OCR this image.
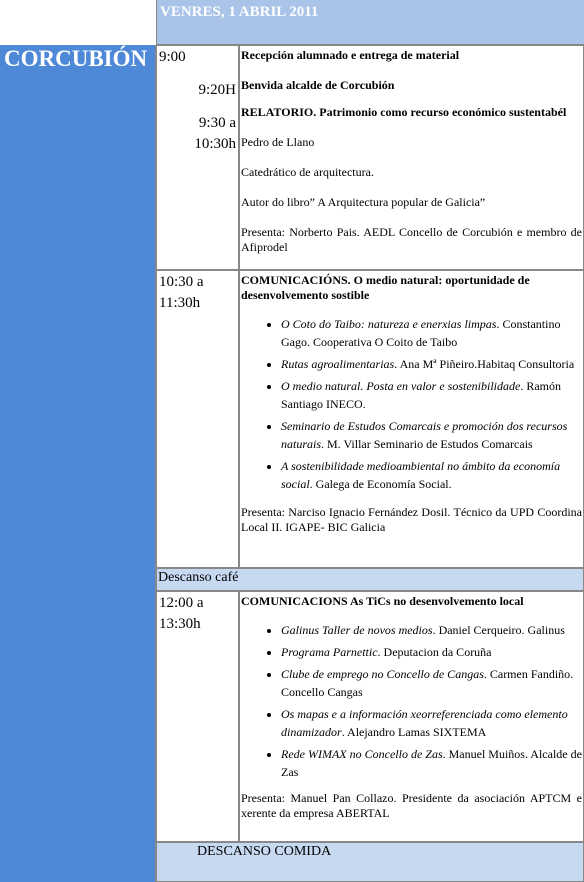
VENRES, 1 ABRIL 2011
CORCUBIÓN 9:00
9:20H
9:30 a
10:30h

Recepción alumnado e entrega de material

Benvida alcalde de Corcubión

RELATORIO. Patrimonio como recurso económico sustentabél

Pedro de Llano

Catedrático de arquitectura.

Autor do libro” A Arquitectura popular de Galicia”

Presenta: Norberto Pais. AEDL Concello de Corcubión e membro de Afiprodel

10:30 a
11:30h

COMUNICACIÓNS. O medio natural: oportunidade de desenvolvemento sostible

• O Coto do Taibo: natureza e enerxias limpas. Constantino Gago. Cooperativa O Coito de Taibo
• Rutas agroalimentarias. Ana Mª Piñeiro.Habitaq Consultoria
• O medio natural. Posta en valor e sostenibilidade. Ramón Santiago INECO.
• Seminario de Estudos Comarcais e promoción dos recursos naturais. M. Villar Seminario de Estudos Comarcais
• A sostenibilidade medioambiental no ámbito da economía social. Galega de Economía Social.

Presenta: Narciso Ignacio Fernández Dosil. Técnico da UPD Coordina Local II. IGAPE- BIC Galicia

Descanso café
12:00 a
13:30h

COMUNICACIONS As TiCs no desenvolvemento local

• Galinus Taller de novos medios. Daniel Cerqueiro. Galinus
• Programa Parnettic. Deputacion da Coruña
• Clube de emprego no Concello de Cangas. Carmen Fandiño. Concello Cangas
• Os mapas e a información xeorreferenciada como elemento dinamizador. Alejandro Lamas SIXTEMA
• Rede WIMAX no Concello de Zas. Manuel Muiños. Alcalde de Zas

Presenta: Manuel Pan Collazo. Presidente da asociación APTCM e xerente da empresa ABERTAL

DESCANSO COMIDA
